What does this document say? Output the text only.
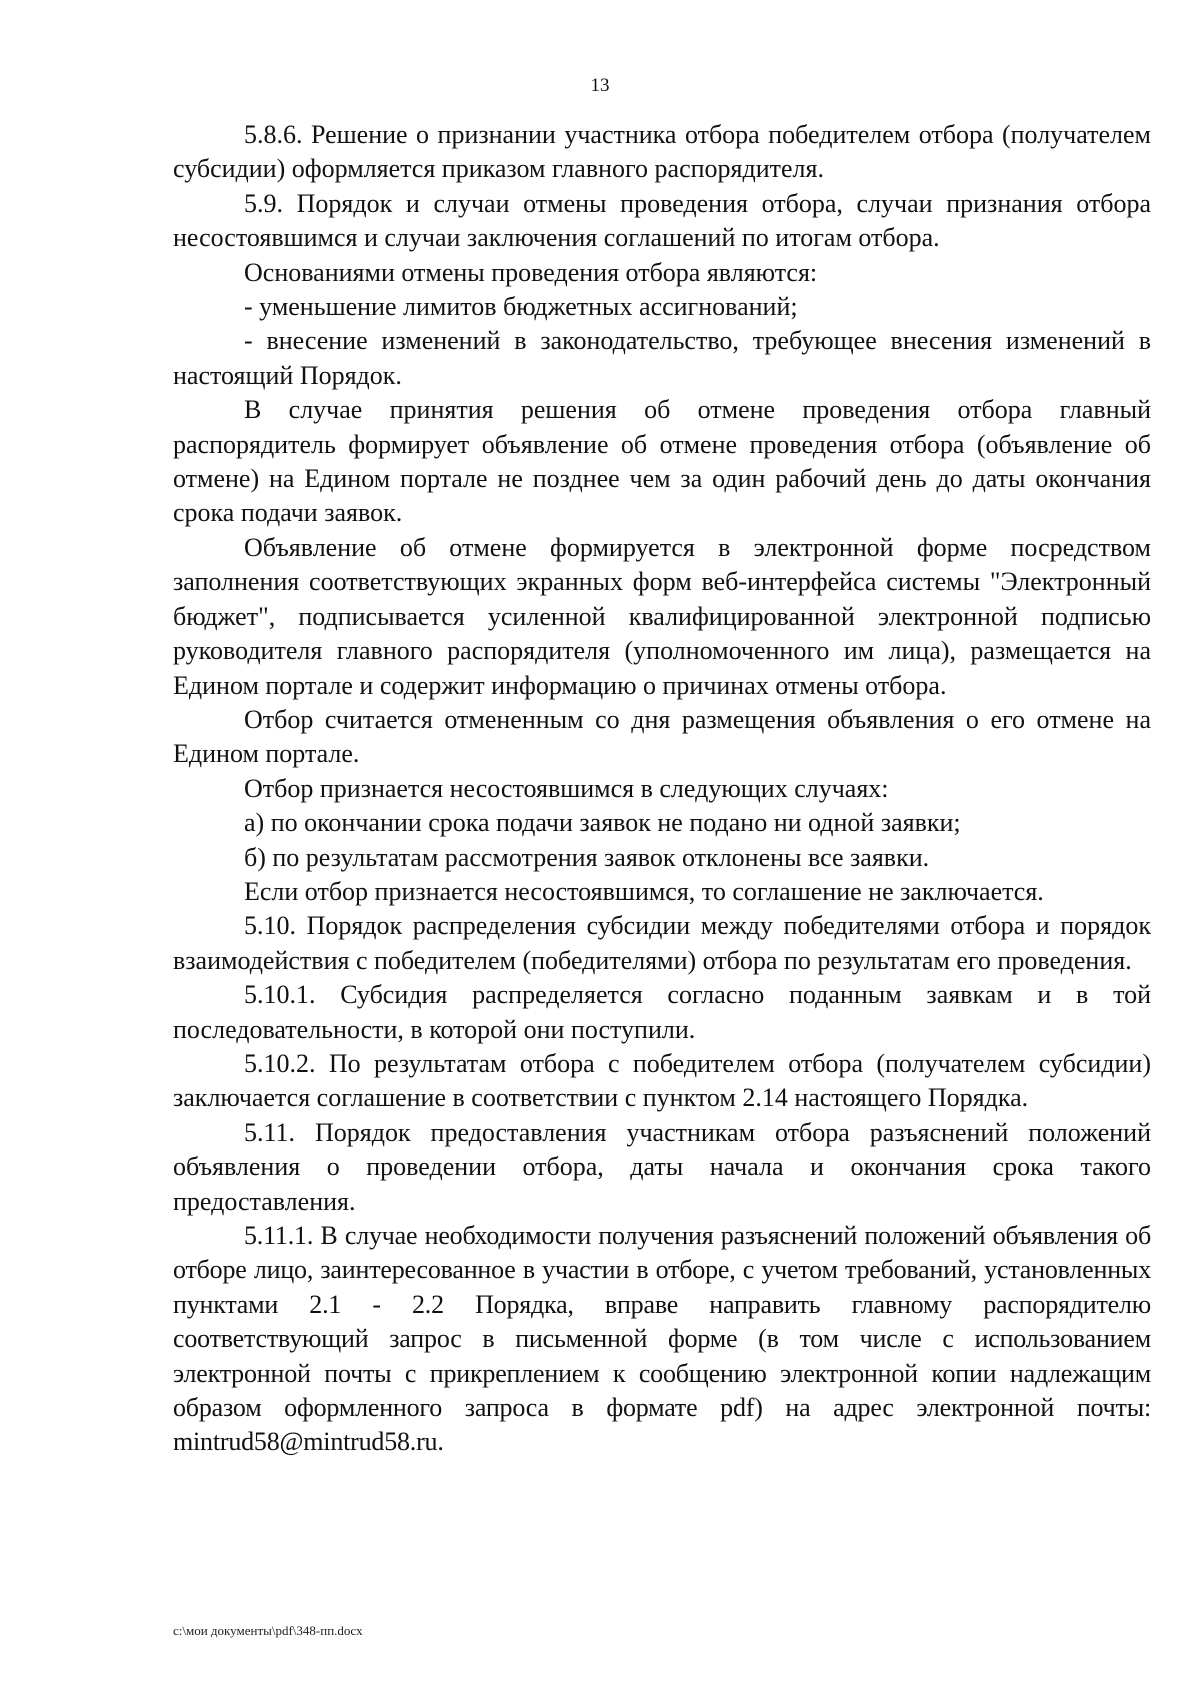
13

5.8.6. Решение о признании участника отбора победителем отбора (получателем субсидии) оформляется приказом главного распорядителя.

5.9. Порядок и случаи отмены проведения отбора, случаи признания отбора несостоявшимся и случаи заключения соглашений по итогам отбора.

Основаниями отмены проведения отбора являются:

- уменьшение лимитов бюджетных ассигнований;

- внесение изменений в законодательство, требующее внесения изменений в настоящий Порядок.

В случае принятия решения об отмене проведения отбора главный распорядитель формирует объявление об отмене проведения отбора (объявление об отмене) на Едином портале не позднее чем за один рабочий день до даты окончания срока подачи заявок.

Объявление об отмене формируется в электронной форме посредством заполнения соответствующих экранных форм веб-интерфейса системы "Электронный бюджет", подписывается усиленной квалифицированной электронной подписью руководителя главного распорядителя (уполномоченного им лица), размещается на Едином портале и содержит информацию о причинах отмены отбора.

Отбор считается отмененным со дня размещения объявления о его отмене на Едином портале.

Отбор признается несостоявшимся в следующих случаях:

а) по окончании срока подачи заявок не подано ни одной заявки;

б) по результатам рассмотрения заявок отклонены все заявки.

Если отбор признается несостоявшимся, то соглашение не заключается.

5.10. Порядок распределения субсидии между победителями отбора и порядок взаимодействия с победителем (победителями) отбора по результатам его проведения.

5.10.1. Субсидия распределяется согласно поданным заявкам и в той последовательности, в которой они поступили.

5.10.2. По результатам отбора с победителем отбора (получателем субсидии) заключается соглашение в соответствии с пунктом 2.14 настоящего Порядка.

5.11. Порядок предоставления участникам отбора разъяснений положений объявления о проведении отбора, даты начала и окончания срока такого предоставления.

5.11.1. В случае необходимости получения разъяснений положений объявления об отборе лицо, заинтересованное в участии в отборе, с учетом требований, установленных пунктами 2.1 - 2.2 Порядка, вправе направить главному распорядителю соответствующий запрос в письменной форме (в том числе с использованием электронной почты с прикреплением к сообщению электронной копии надлежащим образом оформленного запроса в формате pdf) на адрес электронной почты: mintrud58@mintrud58.ru.

c:\мои документы\pdf\348-пп.docx
